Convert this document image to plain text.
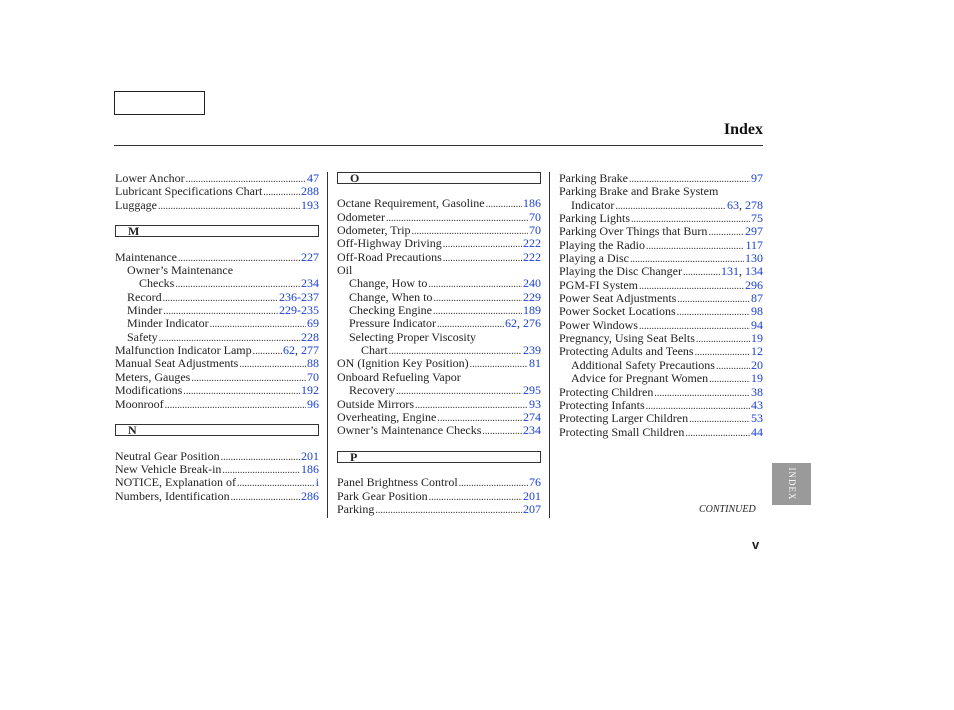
Index
Lower Anchor .....	47
Lubricant Specifications Chart .....	288
Luggage .....	193
M
Maintenance .....	227
Owner’s Maintenance
Checks .....	234
Record .....	236-237
Minder .....	229-235
Minder Indicator .....	69
Safety .....	228
Malfunction Indicator Lamp .....	62, 277
Manual Seat Adjustments .....	88
Meters, Gauges .....	70
Modifications .....	192
Moonroof .....	96
N
Neutral Gear Position .....	201
New Vehicle Break-in .....	186
NOTICE, Explanation of .....	i
Numbers, Identification .....	286
O
Octane Requirement, Gasoline .....	186
Odometer .....	70
Odometer, Trip .....	70
Off-Highway Driving .....	222
Off-Road Precautions .....	222
Oil
Change, How to .....	240
Change, When to .....	229
Checking Engine .....	189
Pressure Indicator .....	62, 276
Selecting Proper Viscosity
Chart .....	239
ON (Ignition Key Position) .....	81
Onboard Refueling Vapor
Recovery .....	295
Outside Mirrors .....	93
Overheating, Engine .....	274
Owner’s Maintenance Checks .....	234
P
Panel Brightness Control .....	76
Park Gear Position .....	201
Parking .....	207
Parking Brake .....	97
Parking Brake and Brake System
Indicator .....	63, 278
Parking Lights .....	75
Parking Over Things that Burn .....	297
Playing the Radio .....	117
Playing a Disc .....	130
Playing the Disc Changer .....	131, 134
PGM-FI System .....	296
Power Seat Adjustments .....	87
Power Socket Locations .....	98
Power Windows .....	94
Pregnancy, Using Seat Belts .....	19
Protecting Adults and Teens .....	12
Additional Safety Precautions .....	20
Advice for Pregnant Women .....	19
Protecting Children .....	38
Protecting Infants .....	43
Protecting Larger Children .....	53
Protecting Small Children .....	44
INDEX
CONTINUED
v
